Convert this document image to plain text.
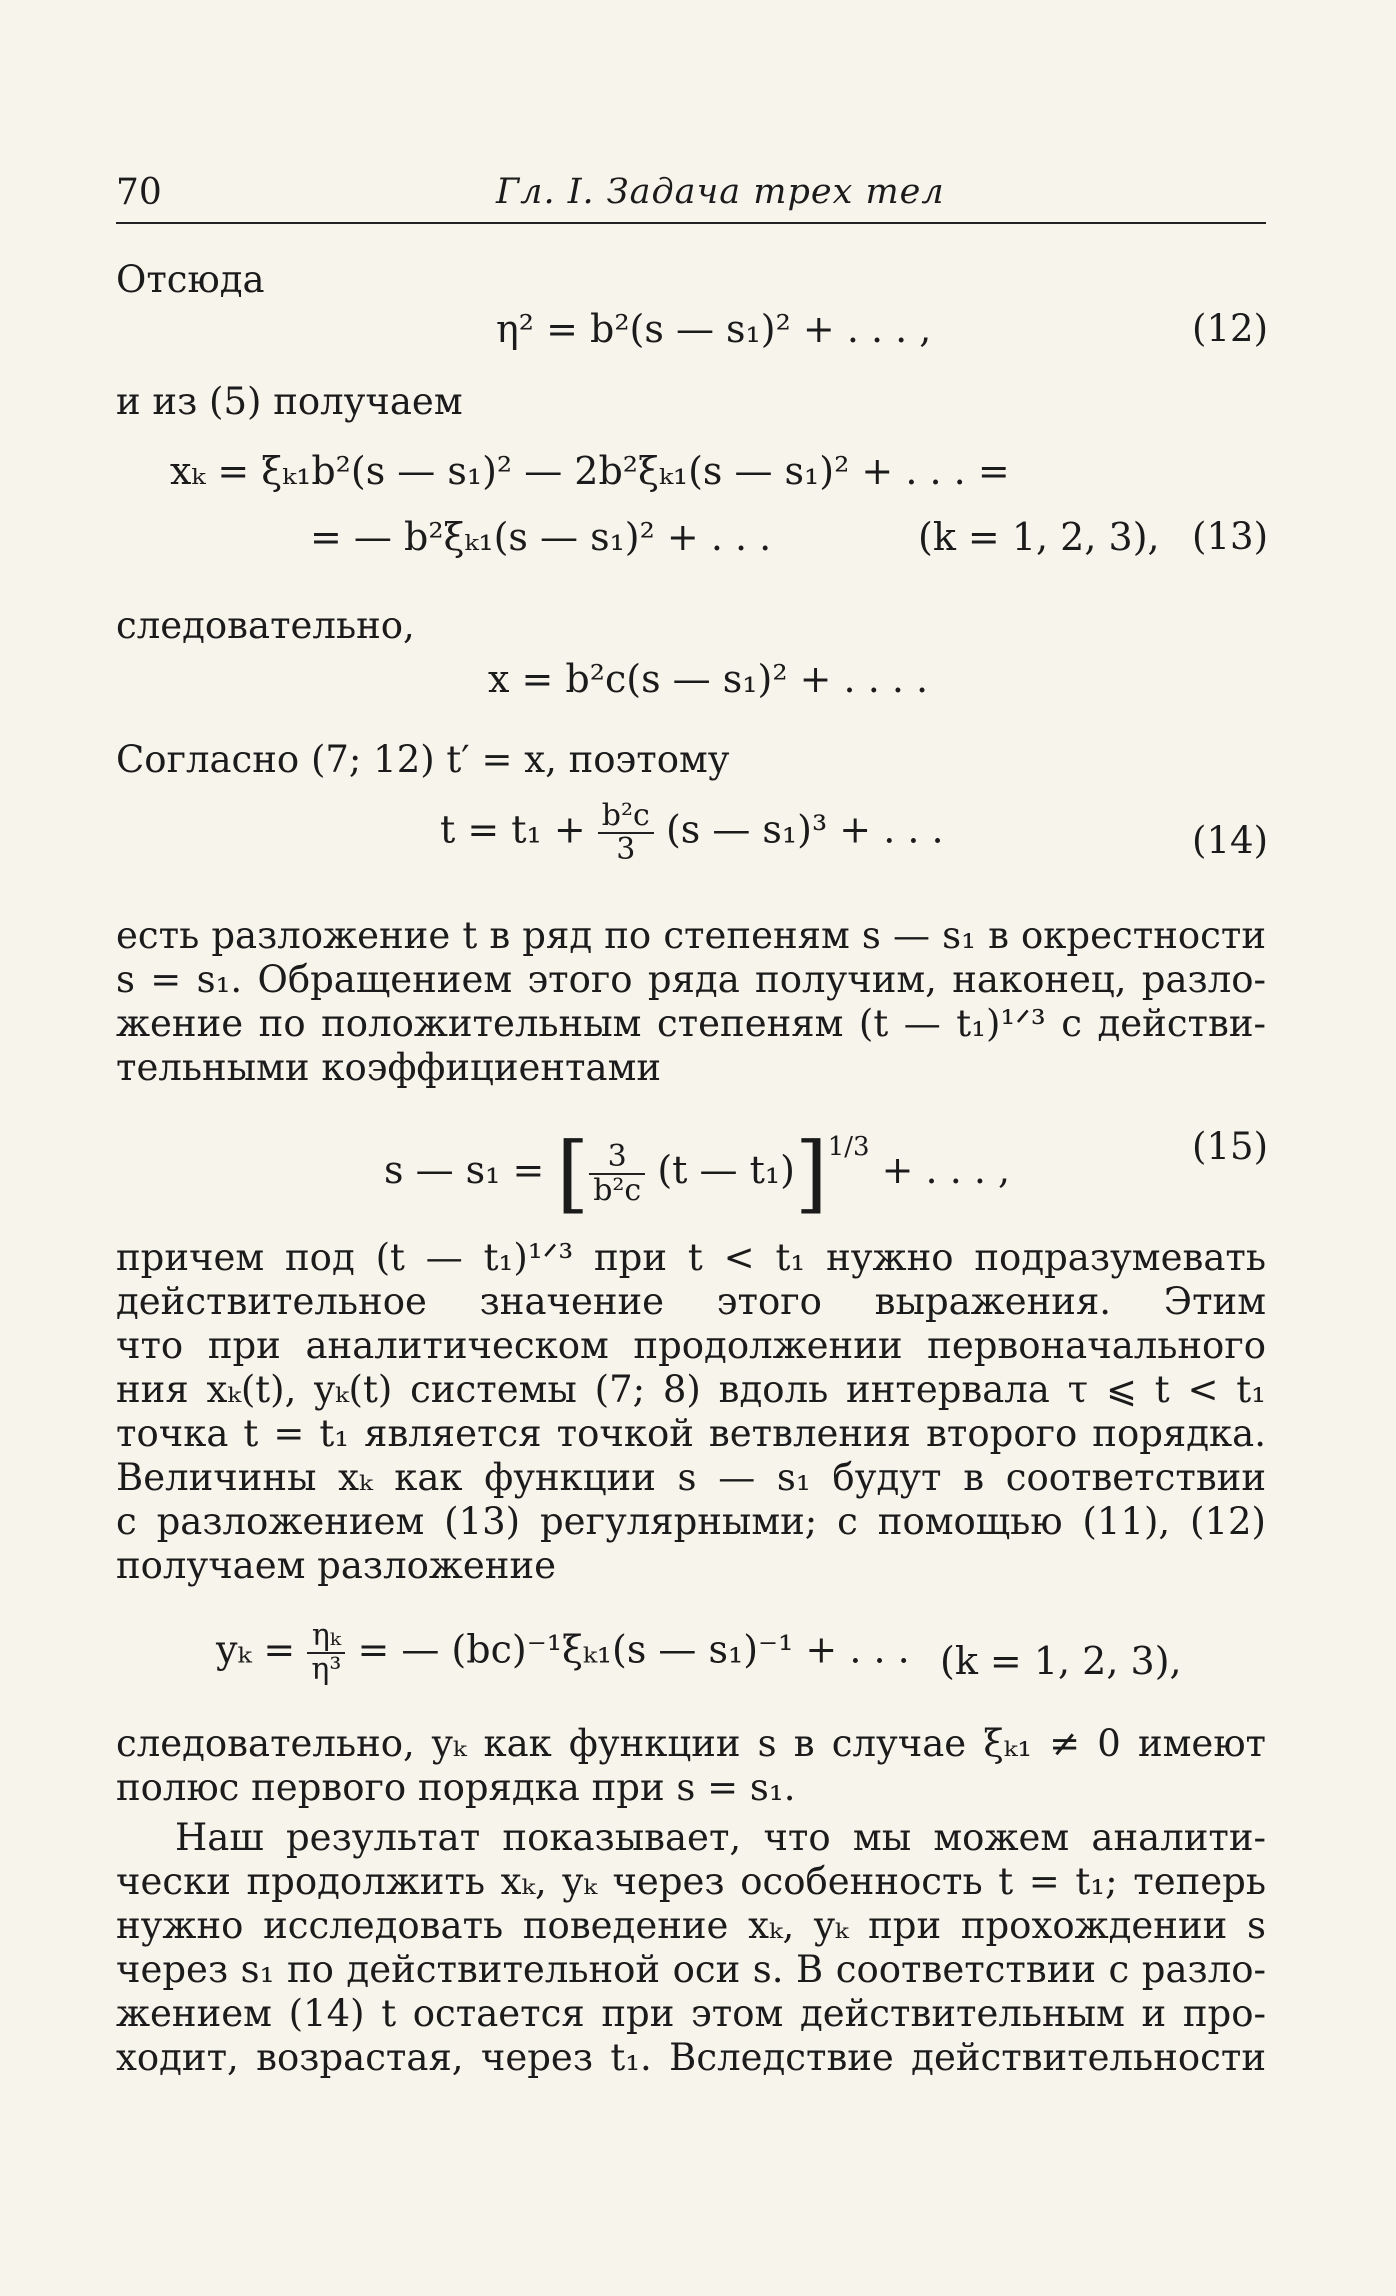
70	Гл. I. Задача трех тел
Отсюда
η² = b²(s — s₁)² + . . . ,	(12)
и из (5) получаем
xₖ = ξₖ₁b²(s — s₁)² — 2b²ξₖ₁(s — s₁)² + . . . =
= — b²ξₖ₁(s — s₁)² + . . .	(k = 1, 2, 3), (13)
следовательно,
x = b²c(s — s₁)² + . . . .
Согласно (7; 12) t′ = x, поэтому
$t = t_1 + \frac{\text{b²c}}{3} (s$ — s₁)³ + . . .	(14)
есть разложение t в ряд по степеням s — s₁ в окрестности
s = s₁. Обращением этого ряда получим, наконец, разло-
жение по положительным степеням (t — t₁)¹ᐟ³ с действи-
тельными коэффициентами
s — s₁ = [ $\frac{3}{\text{b²c}} (t$ — t₁)]$^{1/3}$ + . . . ,
(15)
причем под (t — t₁)¹ᐟ³ при t < t₁ нужно подразумевать
действительное значение этого выражения. Этим
что при аналитическом продолжении первоначального
ния xₖ(t), yₖ(t) системы (7; 8) вдоль интервала τ ⩽ t < t₁
точка t = t₁ является точкой ветвления второго порядка.
Величины xₖ как функции s — s₁ будут в соответствии
с разложением (13) регулярными; с помощью (11), (12)
получаем разложение
$y_k = \frac{\text{ηₖ}}{\text{η³}}$ = — (bc)⁻¹ξₖ₁(s — s₁)⁻¹ + . . . (k = 1, 2, 3),
следовательно, yₖ как функции s в случае ξₖ₁ ≠ 0 имеют
полюс первого порядка при s = s₁.
Наш результат показывает, что мы можем аналити-
чески продолжить xₖ, yₖ через особенность t = t₁; теперь
нужно исследовать поведение xₖ, yₖ при прохождении s
через s₁ по действительной оси s. В соответствии с разло-
жением (14) t остается при этом действительным и про-
ходит, возрастая, через t₁. Вследствие действительности
